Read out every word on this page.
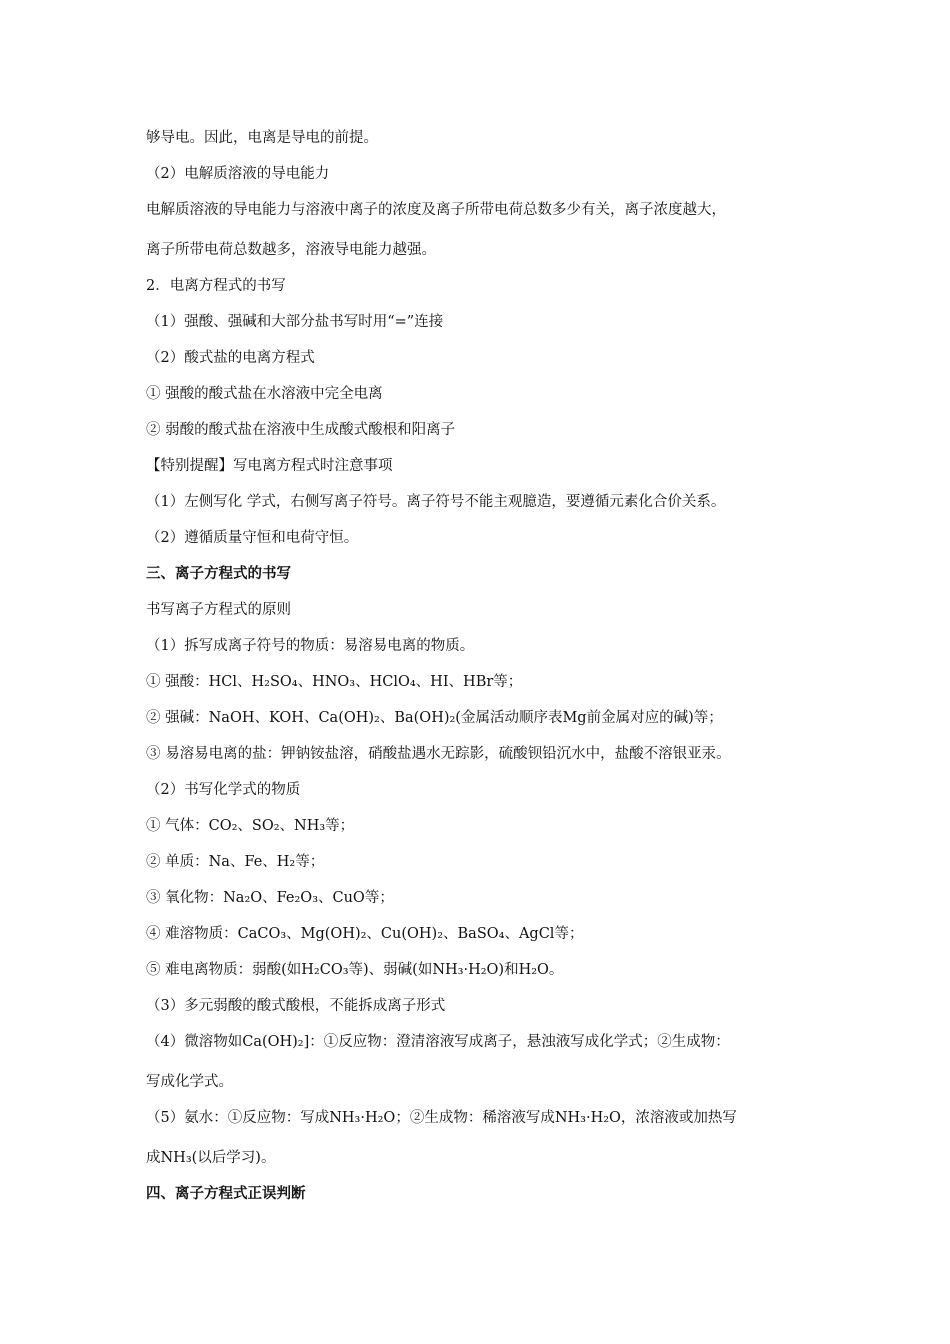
够导电。因此，电离是导电的前提。
（2）电解质溶液的导电能力
电解质溶液的导电能力与溶液中离子的浓度及离子所带电荷总数多少有关，离子浓度越大，
离子所带电荷总数越多，溶液导电能力越强。
2．电离方程式的书写
（1）强酸、强碱和大部分盐书写时用“=”连接
（2）酸式盐的电离方程式
① 强酸的酸式盐在水溶液中完全电离
② 弱酸的酸式盐在溶液中生成酸式酸根和阳离子
【特别提醒】写电离方程式时注意事项
（1）左侧写化 学式，右侧写离子符号。离子符号不能主观臆造，要遵循元素化合价关系。
（2）遵循质量守恒和电荷守恒。
三、离子方程式的书写
书写离子方程式的原则
（1）拆写成离子符号的物质：易溶易电离的物质。
① 强酸：HCl、H₂SO₄、HNO₃、HClO₄、HI、HBr等；
② 强碱：NaOH、KOH、Ca(OH)₂、Ba(OH)₂(金属活动顺序表Mg前金属对应的碱)等；
③ 易溶易电离的盐：钾钠铵盐溶，硝酸盐遇水无踪影，硫酸钡铅沉水中，盐酸不溶银亚汞。
（2）书写化学式的物质
① 气体：CO₂、SO₂、NH₃等；
② 单质：Na、Fe、H₂等；
③ 氧化物：Na₂O、Fe₂O₃、CuO等；
④ 难溶物质：CaCO₃、Mg(OH)₂、Cu(OH)₂、BaSO₄、AgCl等；
⑤ 难电离物质：弱酸(如H₂CO₃等)、弱碱(如NH₃·H₂O)和H₂O。
（3）多元弱酸的酸式酸根，不能拆成离子形式
（4）微溶物如Ca(OH)₂]：①反应物：澄清溶液写成离子，悬浊液写成化学式；②生成物：
写成化学式。
（5）氨水：①反应物：写成NH₃·H₂O；②生成物：稀溶液写成NH₃·H₂O，浓溶液或加热写
成NH₃(以后学习)。
四、离子方程式正误判断
